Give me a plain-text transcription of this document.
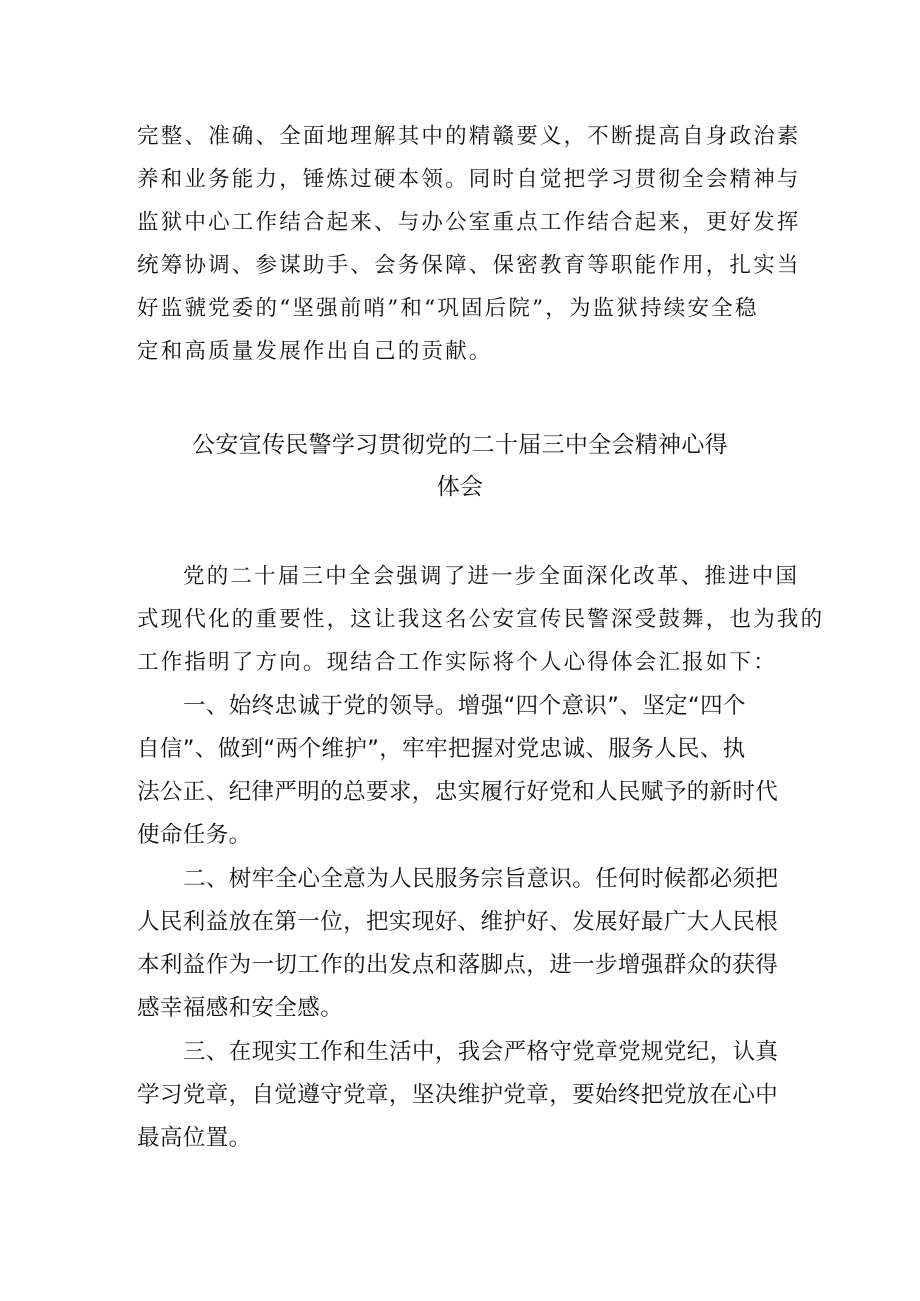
完整、准确、全面地理解其中的精赣要义，不断提高自身政治素
养和业务能力，锤炼过硬本领。同时自觉把学习贯彻全会精神与
监狱中心工作结合起来、与办公室重点工作结合起来，更好发挥
统筹协调、参谋助手、会务保障、保密教育等职能作用，扎实当
好监虢党委的“坚强前哨”和“巩固后院”，为监狱持续安全稳
定和高质量发展作出自己的贡献。
公安宣传民警学习贯彻党的二十届三中全会精神心得
体会
党的二十届三中全会强调了进一步全面深化改革、推进中国
式现代化的重要性，这让我这名公安宣传民警深受鼓舞，也为我的
工作指明了方向。现结合工作实际将个人心得体会汇报如下：
一、始终忠诚于党的领导。增强“四个意识”、坚定“四个
自信”、做到“两个维护”，牢牢把握对党忠诚、服务人民、执
法公正、纪律严明的总要求，忠实履行好党和人民赋予的新时代
使命任务。
二、树牢全心全意为人民服务宗旨意识。任何时候都必须把
人民利益放在第一位，把实现好、维护好、发展好最广大人民根
本利益作为一切工作的出发点和落脚点，进一步增强群众的获得
感幸福感和安全感。
三、在现实工作和生活中，我会严格守党章党规党纪，认真
学习党章，自觉遵守党章，坚决维护党章，要始终把党放在心中
最高位置。
